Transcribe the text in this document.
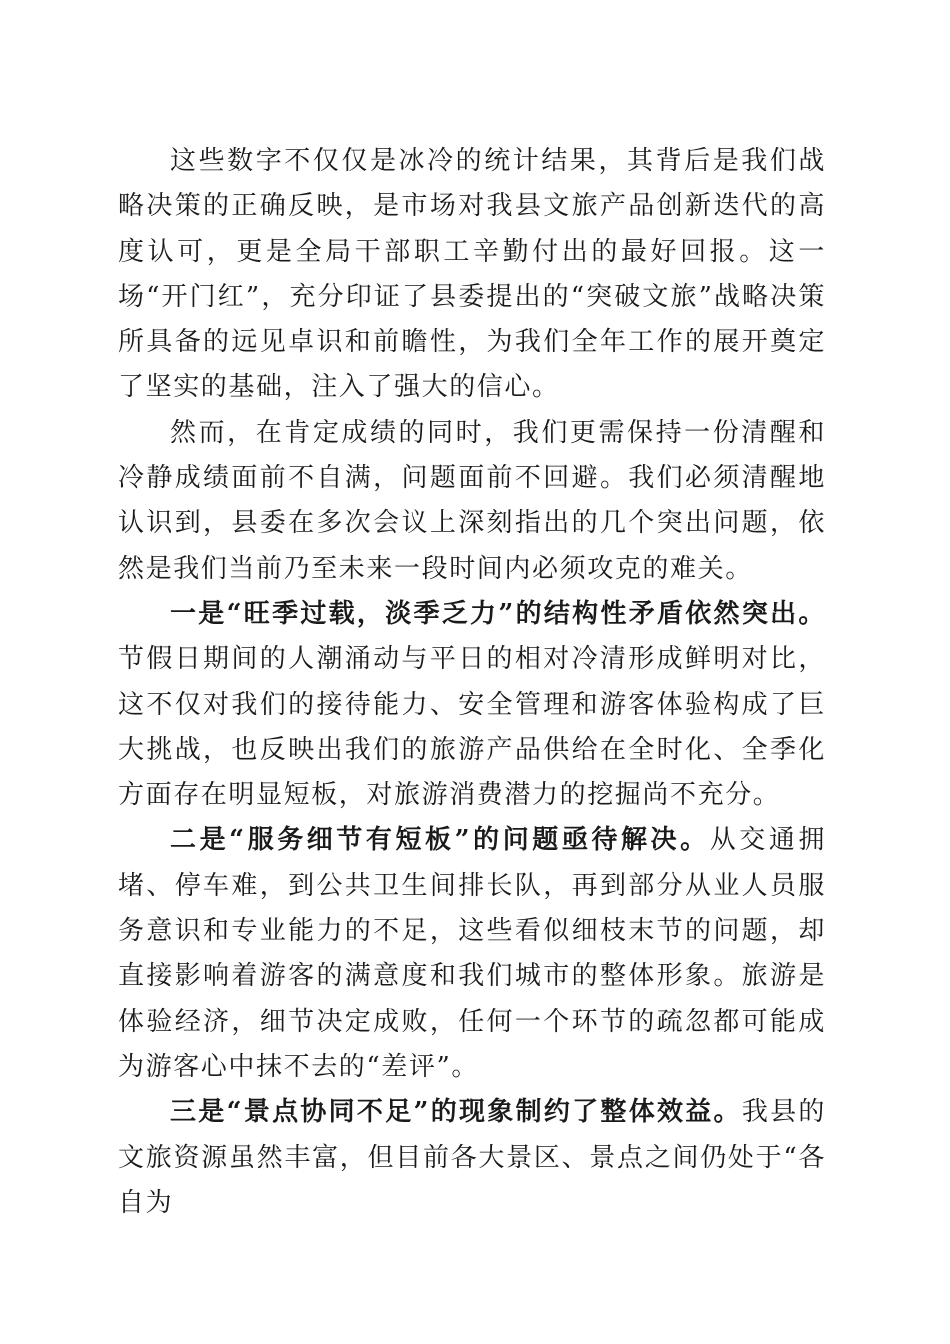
这些数字不仅仅是冰冷的统计结果，其背后是我们战略决策的正确反映，是市场对我县文旅产品创新迭代的高度认可，更是全局干部职工辛勤付出的最好回报。这一场“开门红”，充分印证了县委提出的“突破文旅”战略决策所具备的远见卓识和前瞻性，为我们全年工作的展开奠定了坚实的基础，注入了强大的信心。

然而，在肯定成绩的同时，我们更需保持一份清醒和冷静成绩面前不自满，问题面前不回避。我们必须清醒地认识到，县委在多次会议上深刻指出的几个突出问题，依然是我们当前乃至未来一段时间内必须攻克的难关。

一是“旺季过载，淡季乏力”的结构性矛盾依然突出。节假日期间的人潮涌动与平日的相对冷清形成鲜明对比，这不仅对我们的接待能力、安全管理和游客体验构成了巨大挑战，也反映出我们的旅游产品供给在全时化、全季化方面存在明显短板，对旅游消费潜力的挖掘尚不充分。

二是“服务细节有短板”的问题亟待解决。从交通拥堵、停车难，到公共卫生间排长队，再到部分从业人员服务意识和专业能力的不足，这些看似细枝末节的问题，却直接影响着游客的满意度和我们城市的整体形象。旅游是体验经济，细节决定成败，任何一个环节的疏忽都可能成为游客心中抹不去的“差评”。

三是“景点协同不足”的现象制约了整体效益。我县的文旅资源虽然丰富，但目前各大景区、景点之间仍处于“各自为
